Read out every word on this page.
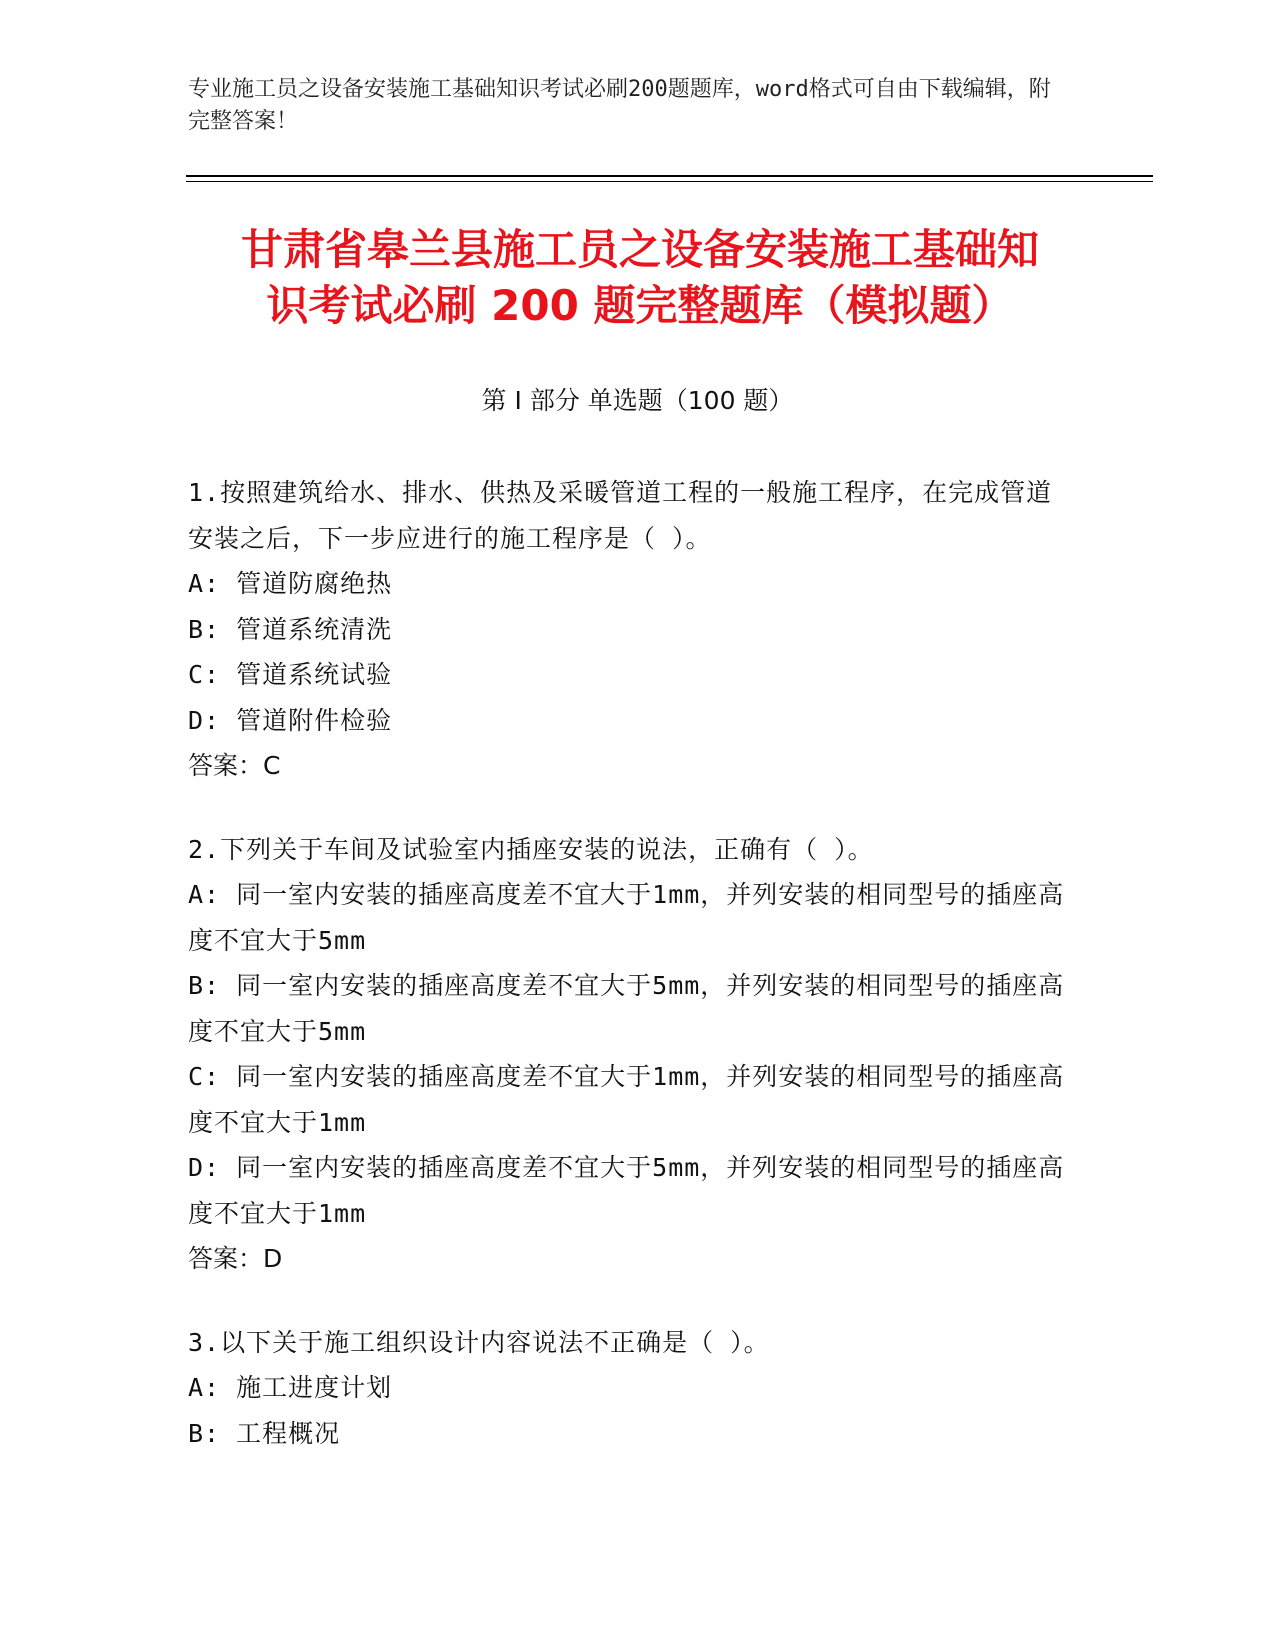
专业施工员之设备安装施工基础知识考试必刷200题题库，word格式可自由下载编辑，附完整答案！
甘肃省皋兰县施工员之设备安装施工基础知
识考试必刷 200 题完整题库（模拟题）
第 I 部分 单选题（100 题）
1.按照建筑给水、排水、供热及采暖管道工程的一般施工程序，在完成管道安装之后，下一步应进行的施工程序是（ ）。
A: 管道防腐绝热
B: 管道系统清洗
C: 管道系统试验
D: 管道附件检验
答案：C
2.下列关于车间及试验室内插座安装的说法，正确有（ ）。
A: 同一室内安装的插座高度差不宜大于1mm，并列安装的相同型号的插座高度不宜大于5mm
B: 同一室内安装的插座高度差不宜大于5mm，并列安装的相同型号的插座高度不宜大于5mm
C: 同一室内安装的插座高度差不宜大于1mm，并列安装的相同型号的插座高度不宜大于1mm
D: 同一室内安装的插座高度差不宜大于5mm，并列安装的相同型号的插座高度不宜大于1mm
答案：D
3.以下关于施工组织设计内容说法不正确是（ ）。
A: 施工进度计划
B: 工程概况
